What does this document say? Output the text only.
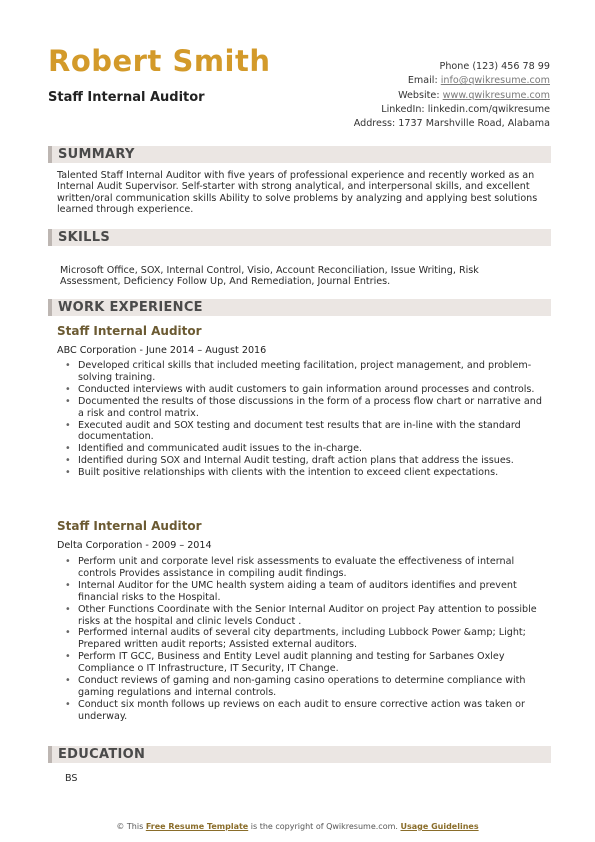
Robert Smith
Staff Internal Auditor
Phone (123) 456 78 99
Email: info@qwikresume.com
Website: www.qwikresume.com
LinkedIn: linkedin.com/qwikresume
Address: 1737 Marshville Road, Alabama
SUMMARY
Talented Staff Internal Auditor with five years of professional experience and recently worked as an Internal Audit Supervisor. Self-starter with strong analytical, and interpersonal skills, and excellent written/oral communication skills Ability to solve problems by analyzing and applying best solutions learned through experience.
SKILLS
Microsoft Office, SOX, Internal Control, Visio, Account Reconciliation, Issue Writing, Risk Assessment, Deficiency Follow Up, And Remediation, Journal Entries.
WORK EXPERIENCE
Staff Internal Auditor
ABC Corporation - June 2014 – August 2016
• Developed critical skills that included meeting facilitation, project management, and problem-solving training.
• Conducted interviews with audit customers to gain information around processes and controls.
• Documented the results of those discussions in the form of a process flow chart or narrative and a risk and control matrix.
• Executed audit and SOX testing and document test results that are in-line with the standard documentation.
• Identified and communicated audit issues to the in-charge.
• Identified during SOX and Internal Audit testing, draft action plans that address the issues.
• Built positive relationships with clients with the intention to exceed client expectations.
Staff Internal Auditor
Delta Corporation - 2009 – 2014
• Perform unit and corporate level risk assessments to evaluate the effectiveness of internal controls Provides assistance in compiling audit findings.
• Internal Auditor for the UMC health system aiding a team of auditors identifies and prevent financial risks to the Hospital.
• Other Functions Coordinate with the Senior Internal Auditor on project Pay attention to possible risks at the hospital and clinic levels Conduct .
• Performed internal audits of several city departments, including Lubbock Power &amp; Light; Prepared written audit reports; Assisted external auditors.
• Perform IT GCC, Business and Entity Level audit planning and testing for Sarbanes Oxley Compliance o IT Infrastructure, IT Security, IT Change.
• Conduct reviews of gaming and non-gaming casino operations to determine compliance with gaming regulations and internal controls.
• Conduct six month follows up reviews on each audit to ensure corrective action was taken or underway.
EDUCATION
BS
© This Free Resume Template is the copyright of Qwikresume.com. Usage Guidelines
